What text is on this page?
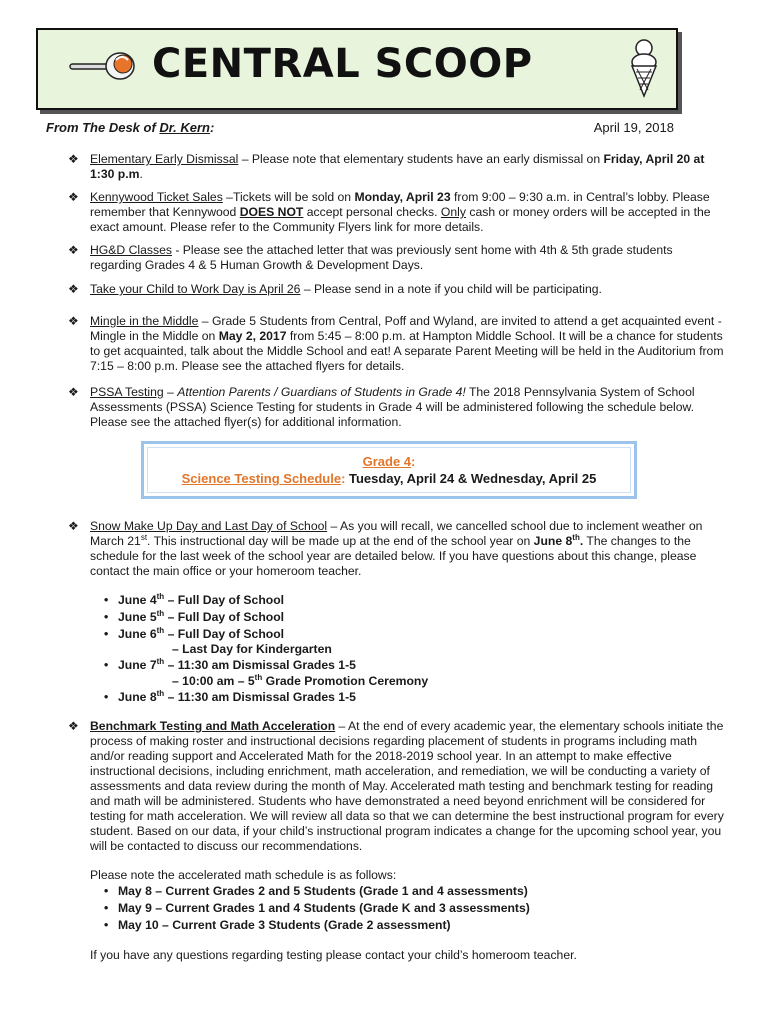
CENTRAL SCOOP
From The Desk of Dr. Kern:	April 19, 2018
❖ Elementary Early Dismissal – Please note that elementary students have an early dismissal on Friday, April 20 at 1:30 p.m.
❖ Kennywood Ticket Sales –Tickets will be sold on Monday, April 23 from 9:00 – 9:30 a.m. in Central’s lobby. Please remember that Kennywood DOES NOT accept personal checks. Only cash or money orders will be accepted in the exact amount. Please refer to the Community Flyers link for more details.
❖ HG&D Classes - Please see the attached letter that was previously sent home with 4th & 5th grade students regarding Grades 4 & 5 Human Growth & Development Days.
❖ Take your Child to Work Day is April 26 – Please send in a note if you child will be participating.
❖ Mingle in the Middle – Grade 5 Students from Central, Poff and Wyland, are invited to attend a get acquainted event - Mingle in the Middle on May 2, 2017 from 5:45 – 8:00 p.m. at Hampton Middle School. It will be a chance for students to get acquainted, talk about the Middle School and eat! A separate Parent Meeting will be held in the Auditorium from 7:15 – 8:00 p.m. Please see the attached flyers for details.
❖ PSSA Testing – Attention Parents / Guardians of Students in Grade 4! The 2018 Pennsylvania System of School Assessments (PSSA) Science Testing for students in Grade 4 will be administered following the schedule below. Please see the attached flyer(s) for additional information.
Grade 4:
Science Testing Schedule: Tuesday, April 24 & Wednesday, April 25
❖ Snow Make Up Day and Last Day of School – As you will recall, we cancelled school due to inclement weather on March 21st. This instructional day will be made up at the end of the school year on June 8th. The changes to the schedule for the last week of the school year are detailed below. If you have questions about this change, please contact the main office or your homeroom teacher.
• June 4th – Full Day of School
• June 5th – Full Day of School
• June 6th – Full Day of School
– Last Day for Kindergarten
• June 7th – 11:30 am Dismissal Grades 1-5
– 10:00 am – 5th Grade Promotion Ceremony
• June 8th – 11:30 am Dismissal Grades 1-5
❖ Benchmark Testing and Math Acceleration – At the end of every academic year, the elementary schools initiate the process of making roster and instructional decisions regarding placement of students in programs including math and/or reading support and Accelerated Math for the 2018-2019 school year. In an attempt to make effective instructional decisions, including enrichment, math acceleration, and remediation, we will be conducting a variety of assessments and data review during the month of May. Accelerated math testing and benchmark testing for reading and math will be administered. Students who have demonstrated a need beyond enrichment will be considered for testing for math acceleration. We will review all data so that we can determine the best instructional program for every student. Based on our data, if your child’s instructional program indicates a change for the upcoming school year, you will be contacted to discuss our recommendations.
Please note the accelerated math schedule is as follows:
• May 8 – Current Grades 2 and 5 Students (Grade 1 and 4 assessments)
• May 9 – Current Grades 1 and 4 Students (Grade K and 3 assessments)
• May 10 – Current Grade 3 Students (Grade 2 assessment)
If you have any questions regarding testing please contact your child’s homeroom teacher.
